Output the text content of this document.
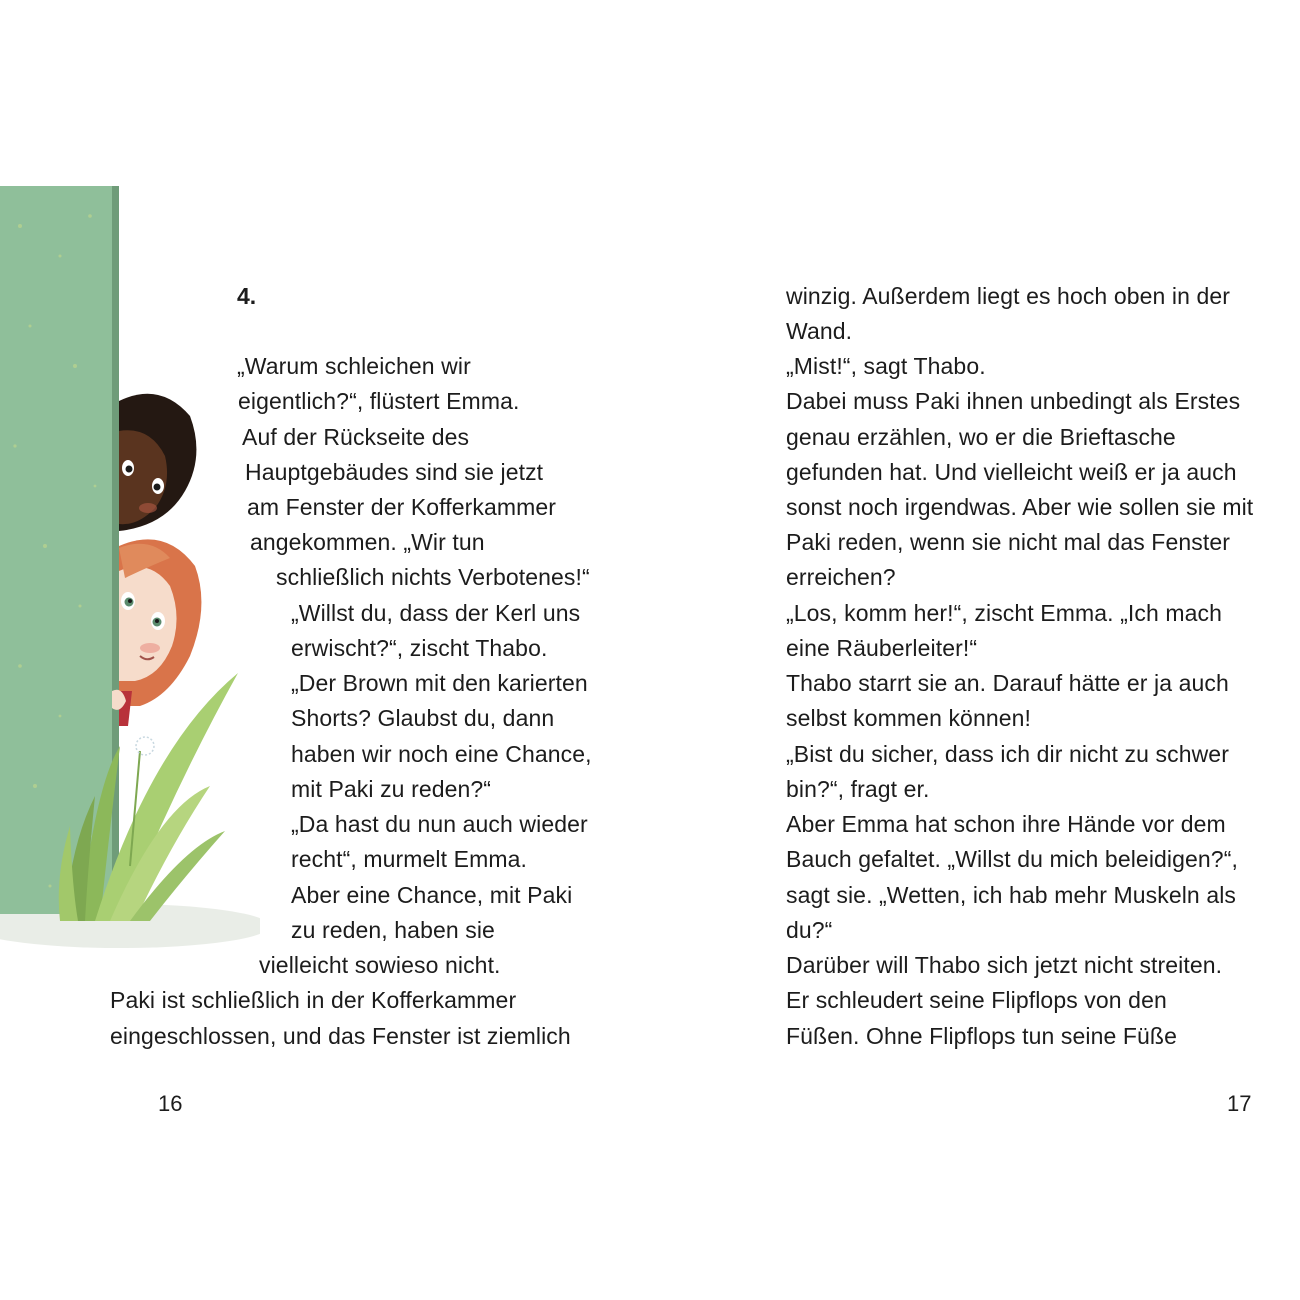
4.
„Warum schleichen wir
eigentlich?“, flüstert Emma.
Auf der Rückseite des
Hauptgebäudes sind sie jetzt
am Fenster der Kofferkammer
angekommen. „Wir tun
schließlich nichts Verbotenes!“
„Willst du, dass der Kerl uns
erwischt?“, zischt Thabo.
„Der Brown mit den karierten
Shorts? Glaubst du, dann
haben wir noch eine Chance,
mit Paki zu reden?“
„Da hast du nun auch wieder
recht“, murmelt Emma.
Aber eine Chance, mit Paki
zu reden, haben sie
vielleicht sowieso nicht.
Paki ist schließlich in der Kofferkammer
eingeschlossen, und das Fenster ist ziemlich
winzig. Außerdem liegt es hoch oben in der
Wand.
„Mist!“, sagt Thabo.
Dabei muss Paki ihnen unbedingt als Erstes
genau erzählen, wo er die Brieftasche
gefunden hat. Und vielleicht weiß er ja auch
sonst noch irgendwas. Aber wie sollen sie mit
Paki reden, wenn sie nicht mal das Fenster
erreichen?
„Los, komm her!“, zischt Emma. „Ich mach
eine Räuberleiter!“
Thabo starrt sie an. Darauf hätte er ja auch
selbst kommen können!
„Bist du sicher, dass ich dir nicht zu schwer
bin?“, fragt er.
Aber Emma hat schon ihre Hände vor dem
Bauch gefaltet. „Willst du mich beleidigen?“,
sagt sie. „Wetten, ich hab mehr Muskeln als
du?“
Darüber will Thabo sich jetzt nicht streiten.
Er schleudert seine Flipflops von den
Füßen. Ohne Flipflops tun seine Füße
16	17
